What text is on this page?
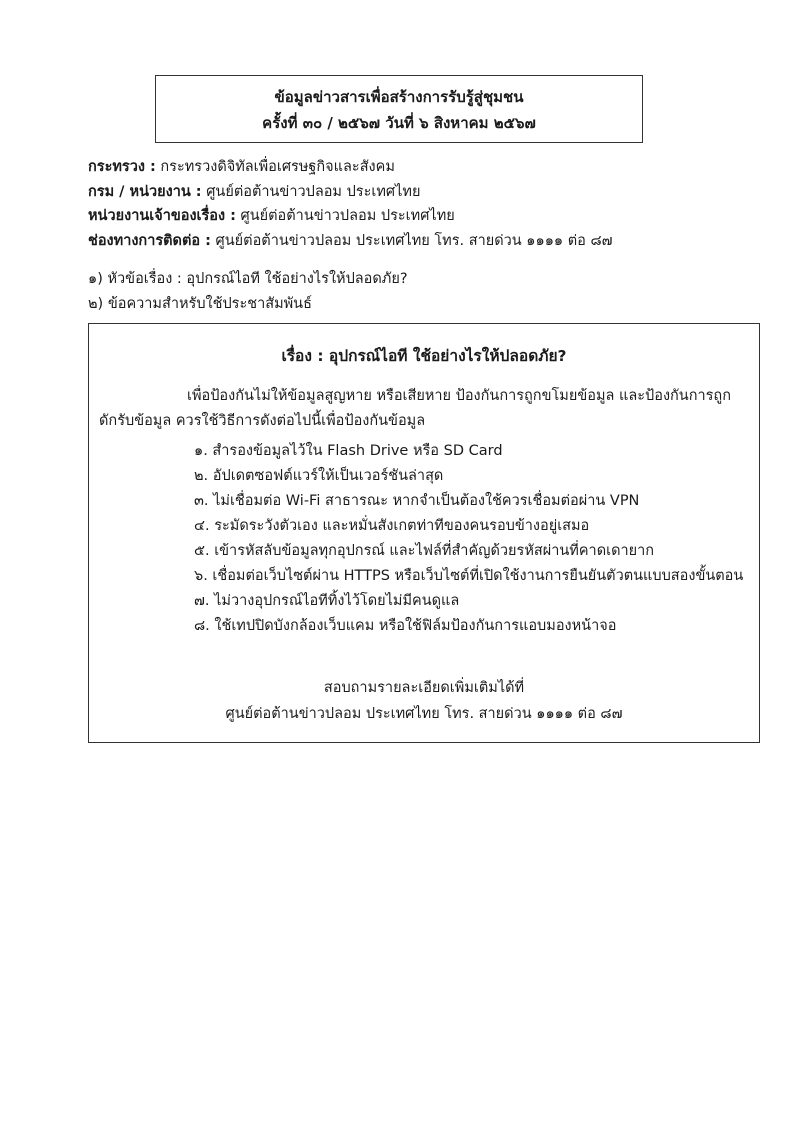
ข้อมูลข่าวสารเพื่อสร้างการรับรู้สู่ชุมชน
ครั้งที่ ๓๐ / ๒๕๖๗ วันที่ ๖ สิงหาคม ๒๕๖๗
กระทรวง : กระทรวงดิจิทัลเพื่อเศรษฐกิจและสังคม
กรม / หน่วยงาน : ศูนย์ต่อต้านข่าวปลอม ประเทศไทย
หน่วยงานเจ้าของเรื่อง : ศูนย์ต่อต้านข่าวปลอม ประเทศไทย
ช่องทางการติดต่อ : ศูนย์ต่อต้านข่าวปลอม ประเทศไทย โทร. สายด่วน ๑๑๑๑ ต่อ ๘๗
๑) หัวข้อเรื่อง : อุปกรณ์ไอที ใช้อย่างไรให้ปลอดภัย?
๒) ข้อความสำหรับใช้ประชาสัมพันธ์
เรื่อง : อุปกรณ์ไอที ใช้อย่างไรให้ปลอดภัย?
เพื่อป้องกันไม่ให้ข้อมูลสูญหาย หรือเสียหาย ป้องกันการถูกขโมยข้อมูล และป้องกันการถูก
ดักรับข้อมูล ควรใช้วิธีการดังต่อไปนี้เพื่อป้องกันข้อมูล
๑. สำรองข้อมูลไว้ใน Flash Drive หรือ SD Card
๒. อัปเดตซอฟต์แวร์ให้เป็นเวอร์ชันล่าสุด
๓. ไม่เชื่อมต่อ Wi-Fi สาธารณะ หากจำเป็นต้องใช้ควรเชื่อมต่อผ่าน VPN
๔. ระมัดระวังตัวเอง และหมั่นสังเกตท่าทีของคนรอบข้างอยู่เสมอ
๕. เข้ารหัสลับข้อมูลทุกอุปกรณ์ และไฟล์ที่สำคัญด้วยรหัสผ่านที่คาดเดายาก
๖. เชื่อมต่อเว็บไซต์ผ่าน HTTPS หรือเว็บไซต์ที่เปิดใช้งานการยืนยันตัวตนแบบสองขั้นตอน
๗. ไม่วางอุปกรณ์ไอทีทิ้งไว้โดยไม่มีคนดูแล
๘. ใช้เทปปิดบังกล้องเว็บแคม หรือใช้ฟิล์มป้องกันการแอบมองหน้าจอ
สอบถามรายละเอียดเพิ่มเติมได้ที่
ศูนย์ต่อต้านข่าวปลอม ประเทศไทย โทร. สายด่วน ๑๑๑๑ ต่อ ๘๗
